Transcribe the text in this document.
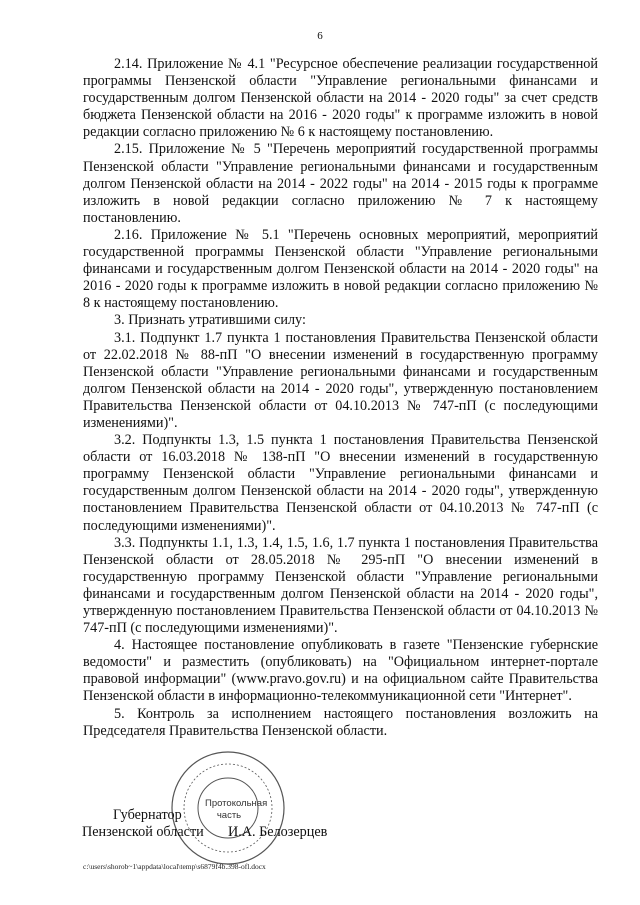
6

2.14. Приложение № 4.1 "Ресурсное обеспечение реализации государственной программы Пензенской области "Управление региональными финансами и государственным долгом Пензенской области на 2014 - 2020 годы" за счет средств бюджета Пензенской области на 2016 - 2020 годы" к программе изложить в новой редакции согласно приложению № 6 к настоящему постановлению.

2.15. Приложение № 5 "Перечень мероприятий государственной программы Пензенской области "Управление региональными финансами и государственным долгом Пензенской области на 2014 - 2022 годы" на 2014 - 2015 годы к программе изложить в новой редакции согласно приложению № 7 к настоящему постановлению.

2.16. Приложение № 5.1 "Перечень основных мероприятий, мероприятий государственной программы Пензенской области "Управление региональными финансами и государственным долгом Пензенской области на 2014 - 2020 годы" на 2016 - 2020 годы к программе изложить в новой редакции согласно приложению № 8 к настоящему постановлению.

3. Признать утратившими силу:

3.1. Подпункт 1.7 пункта 1 постановления Правительства Пензенской области от 22.02.2018 № 88-пП "О внесении изменений в государственную программу Пензенской области "Управление региональными финансами и государственным долгом Пензенской области на 2014 - 2020 годы", утвержденную постановлением Правительства Пензенской области от 04.10.2013 № 747-пП (с последующими изменениями)".

3.2. Подпункты 1.3, 1.5 пункта 1 постановления Правительства Пензенской области от 16.03.2018 № 138-пП "О внесении изменений в государственную программу Пензенской области "Управление региональными финансами и государственным долгом Пензенской области на 2014 - 2020 годы", утвержденную постановлением Правительства Пензенской области от 04.10.2013 № 747-пП (с последующими изменениями)".

3.3. Подпункты 1.1, 1.3, 1.4, 1.5, 1.6, 1.7 пункта 1 постановления Правительства Пензенской области от 28.05.2018 № 295-пП "О внесении изменений в государственную программу Пензенской области "Управление региональными финансами и государственным долгом Пензенской области на 2014 - 2020 годы", утвержденную постановлением Правительства Пензенской области от 04.10.2013 № 747-пП (с последующими изменениями)".

4. Настоящее постановление опубликовать в газете "Пензенские губернские ведомости" и разместить (опубликовать) на "Официальном интернет-портале правовой информации" (www.pravo.gov.ru) и на официальном сайте Правительства Пензенской области в информационно-телекоммуникационной сети "Интернет".

5. Контроль за исполнением настоящего постановления возложить на Председателя Правительства Пензенской области.

Протокольная
часть
Губернатор
Пензенской области И.А. Белозерцев
c:\users\shorob~1\appdata\local\temp\s6879f4b.398-ofl.docx
